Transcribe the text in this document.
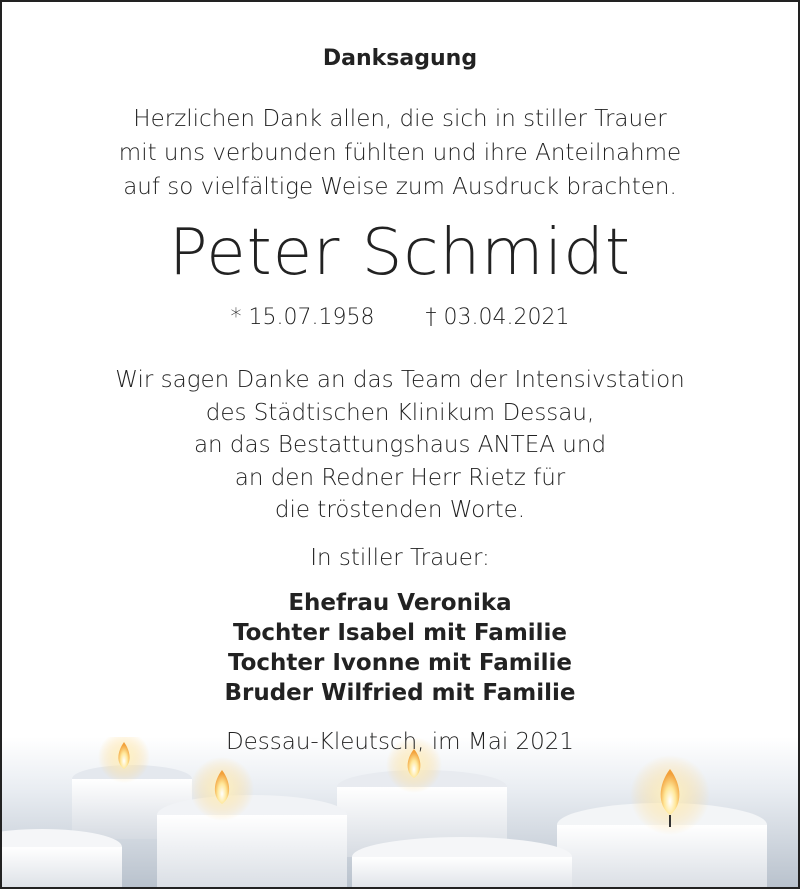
Danksagung
Herzlichen Dank allen, die sich in stiller Trauer
mit uns verbunden fühlten und ihre Anteilnahme
auf so vielfältige Weise zum Ausdruck brachten.
Peter Schmidt
* 15.07.1958 † 03.04.2021
Wir sagen Danke an das Team der Intensivstation
des Städtischen Klinikum Dessau,
an das Bestattungshaus ANTEA und
an den Redner Herr Rietz für
die tröstenden Worte.
In stiller Trauer:
Ehefrau Veronika
Tochter Isabel mit Familie
Tochter Ivonne mit Familie
Bruder Wilfried mit Familie
Dessau-Kleutsch, im Mai 2021
